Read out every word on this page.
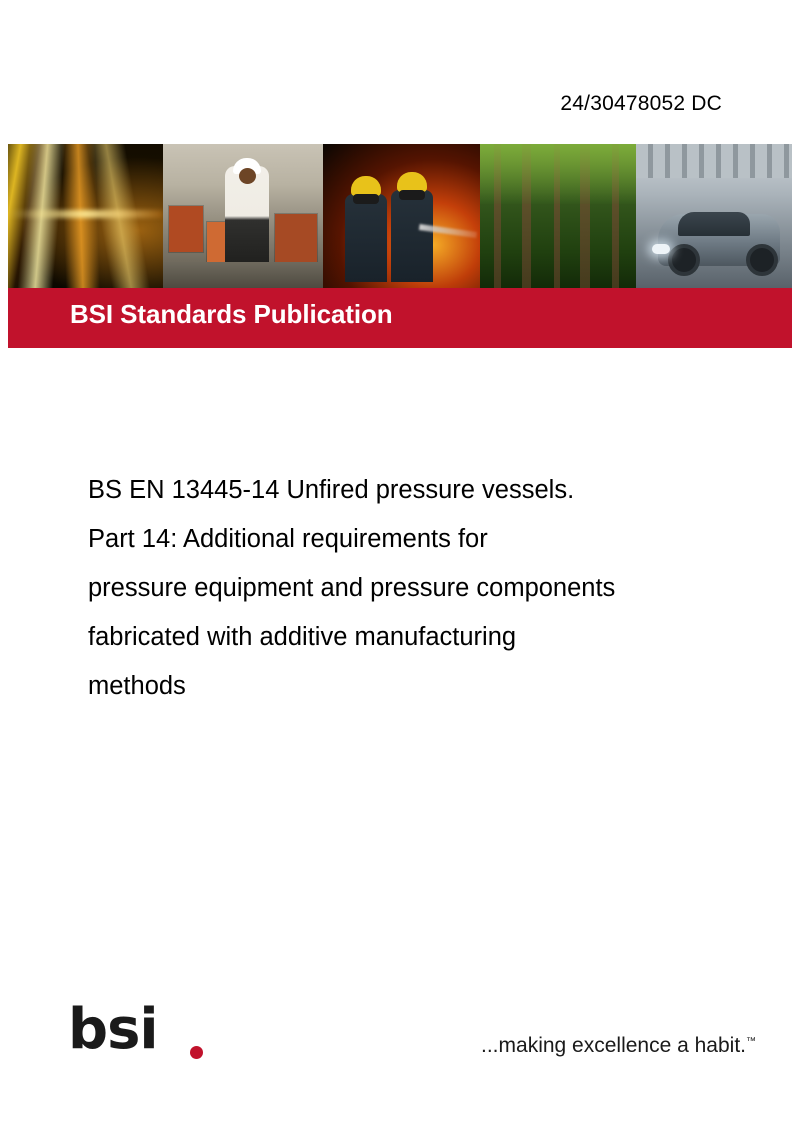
24/30478052 DC
BSI Standards Publication
BS EN 13445-14 Unfired pressure vessels.
Part 14: Additional requirements for
pressure equipment and pressure components
fabricated with additive manufacturing
methods
bsi	...making excellence a habit.™
